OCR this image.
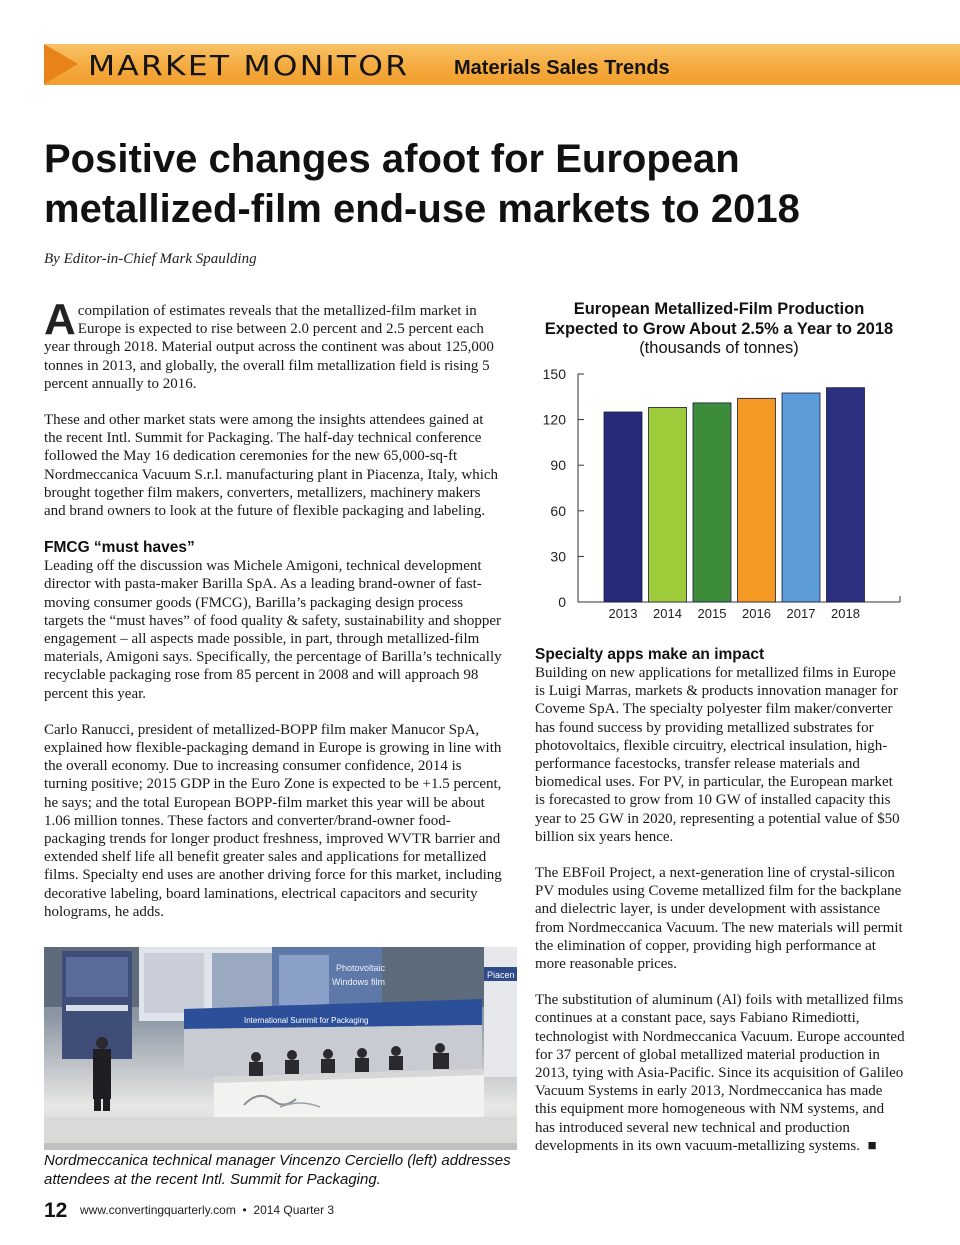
MARKET MONITOR Materials Sales Trends
Positive changes afoot for European metallized-film end-use markets to 2018
By Editor-in-Chief Mark Spaulding

Acompilation of estimates reveals that the metallized-film market in Europe is expected to rise between 2.0 percent and 2.5 percent each year through 2018. Material output across the continent was about 125,000 tonnes in 2013, and globally, the overall film metallization field is rising 5 percent annually to 2016.

These and other market stats were among the insights attendees gained at the recent Intl. Summit for Packaging. The half-day technical conference followed the May 16 dedication ceremonies for the new 65,000-sq-ft Nordmeccanica Vacuum S.r.l. manufacturing plant in Piacenza, Italy, which brought together film makers, converters, metallizers, machinery makers and brand owners to look at the future of flexible packaging and labeling.

FMCG “must haves”

Leading off the discussion was Michele Amigoni, technical development director with pasta-maker Barilla SpA. As a leading brand-owner of fast-moving consumer goods (FMCG), Barilla’s packaging design process targets the “must haves” of food quality & safety, sustainability and shopper engagement – all aspects made possible, in part, through metallized-film materials, Amigoni says. Specifically, the percentage of Barilla’s technically recyclable packaging rose from 85 percent in 2008 and will approach 98 percent this year.

Carlo Ranucci, president of metallized-BOPP film maker Manucor SpA, explained how flexible-packaging demand in Europe is growing in line with the overall economy. Due to increasing consumer confidence, 2014 is turning positive; 2015 GDP in the Euro Zone is expected to be +1.5 percent, he says; and the total European BOPP-film market this year will be about 1.06 million tonnes. These factors and converter/brand-owner food-packaging trends for longer product freshness, improved WVTR barrier and extended shelf life all benefit greater sales and applications for metallized films. Specialty end uses are another driving force for this market, including decorative labeling, board laminations, electrical capacitors and security holograms, he adds.

European Metallized-Film Production Expected to Grow About 2.5% a Year to 2018
(thousands of tonnes)
0
30
60
90
120
150
2013 2014 2015 2016 2017 2018

Specialty apps make an impact

Building on new applications for metallized films in Europe is Luigi Marras, markets & products innovation manager for Coveme SpA. The specialty polyester film maker/converter has found success by providing metallized substrates for photovoltaics, flexible circuitry, electrical insulation, high-performance facestocks, transfer release materials and biomedical uses. For PV, in particular, the European market is forecasted to grow from 10 GW of installed capacity this year to 25 GW in 2020, representing a potential value of $50 billion six years hence.

The EBFoil Project, a next-generation line of crystal-silicon PV modules using Coveme metallized film for the backplane and dielectric layer, is under development with assistance from Nordmeccanica Vacuum. The new materials will permit the elimination of copper, providing high performance at more reasonable prices.

The substitution of aluminum (Al) foils with metallized films continues at a constant pace, says Fabiano Rimediotti, technologist with Nordmeccanica Vacuum. Europe accounted for 37 percent of global metallized material production in 2013, tying with Asia-Pacific. Since its acquisition of Galileo Vacuum Systems in early 2013, Nordmeccanica has made this equipment more homogeneous with NM systems, and has introduced several new technical and production developments in its own vacuum-metallizing systems. ■

Photovoltaic
Windows film
Piacen
International Summit for Packaging
Nordmeccanica technical manager Vincenzo Cerciello (left) addresses attendees at the recent Intl. Summit for Packaging.
12 www.convertingquarterly.com • 2014 Quarter 3
